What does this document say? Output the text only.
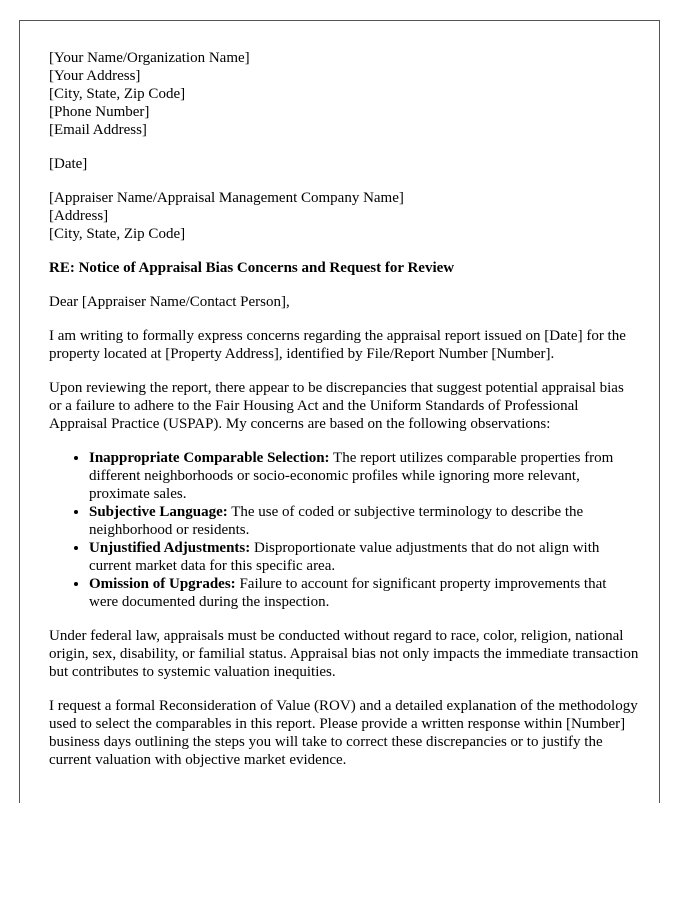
[Your Name/Organization Name]
[Your Address]
[City, State, Zip Code]
[Phone Number]
[Email Address]
[Date]
[Appraiser Name/Appraisal Management Company Name]
[Address]
[City, State, Zip Code]
RE: Notice of Appraisal Bias Concerns and Request for Review

Dear [Appraiser Name/Contact Person],

I am writing to formally express concerns regarding the appraisal report issued on [Date] for the property located at [Property Address], identified by File/Report Number [Number].

Upon reviewing the report, there appear to be discrepancies that suggest potential appraisal bias or a failure to adhere to the Fair Housing Act and the Uniform Standards of Professional Appraisal Practice (USPAP). My concerns are based on the following observations:

• Inappropriate Comparable Selection: The report utilizes comparable properties from different neighborhoods or socio-economic profiles while ignoring more relevant, proximate sales.
• Subjective Language: The use of coded or subjective terminology to describe the neighborhood or residents.
• Unjustified Adjustments: Disproportionate value adjustments that do not align with current market data for this specific area.
• Omission of Upgrades: Failure to account for significant property improvements that were documented during the inspection.

Under federal law, appraisals must be conducted without regard to race, color, religion, national origin, sex, disability, or familial status. Appraisal bias not only impacts the immediate transaction but contributes to systemic valuation inequities.

I request a formal Reconsideration of Value (ROV) and a detailed explanation of the methodology used to select the comparables in this report. Please provide a written response within [Number] business days outlining the steps you will take to correct these discrepancies or to justify the current valuation with objective market evidence.
